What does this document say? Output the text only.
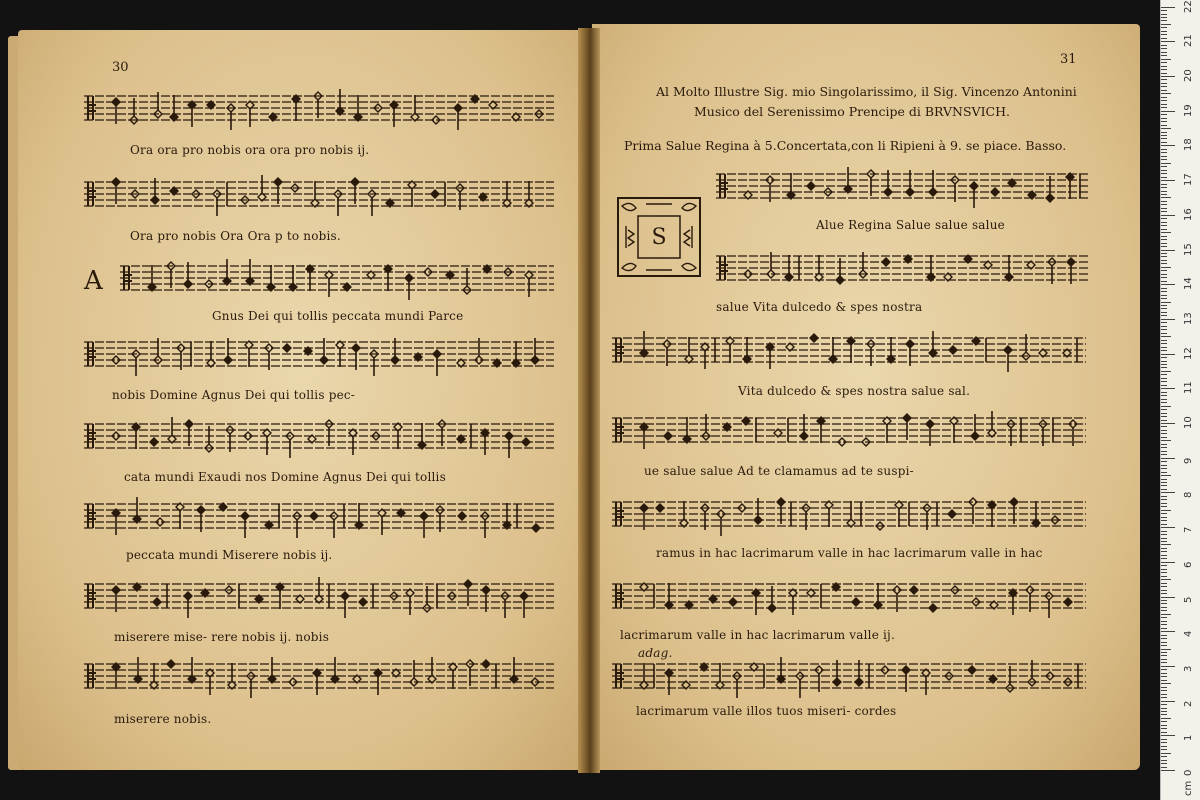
30
A
Ora ora pro nobis ora ora pro nobis ij.
Ora pro nobis Ora Ora p to nobis.
Gnus Dei qui tollis peccata mundi Parce
nobis Domine Agnus Dei qui tollis pec-
cata mundi Exaudi nos Domine Agnus Dei qui tollis
peccata mundi Miserere nobis ij.
miserere mise- rere nobis ij. nobis
miserere nobis.
31
Al Molto Illustre Sig. mio Singolarissimo, il Sig. Vincenzo Antonini
Musico del Serenissimo Prencipe di BRVNSVICH.
Prima Salue Regina à 5.Concertata,con li Ripieni à 9. se piace. Basso.
S	Alue Regina Salue salue salue
salue Vita dulcedo & spes nostra
Vita dulcedo & spes nostra salue sal.
ue salue salue Ad te clamamus ad te suspi-
ramus in hac lacrimarum valle in hac lacrimarum valle in hac
lacrimarum valle in hac lacrimarum valle ij.
adag.
lacrimarum valle illos tuos miseri- cordes
0
1
2
3
4
5
6
7
8
9
10
11
12
13
14
15
16
17
18
19
20
21
22
cm
